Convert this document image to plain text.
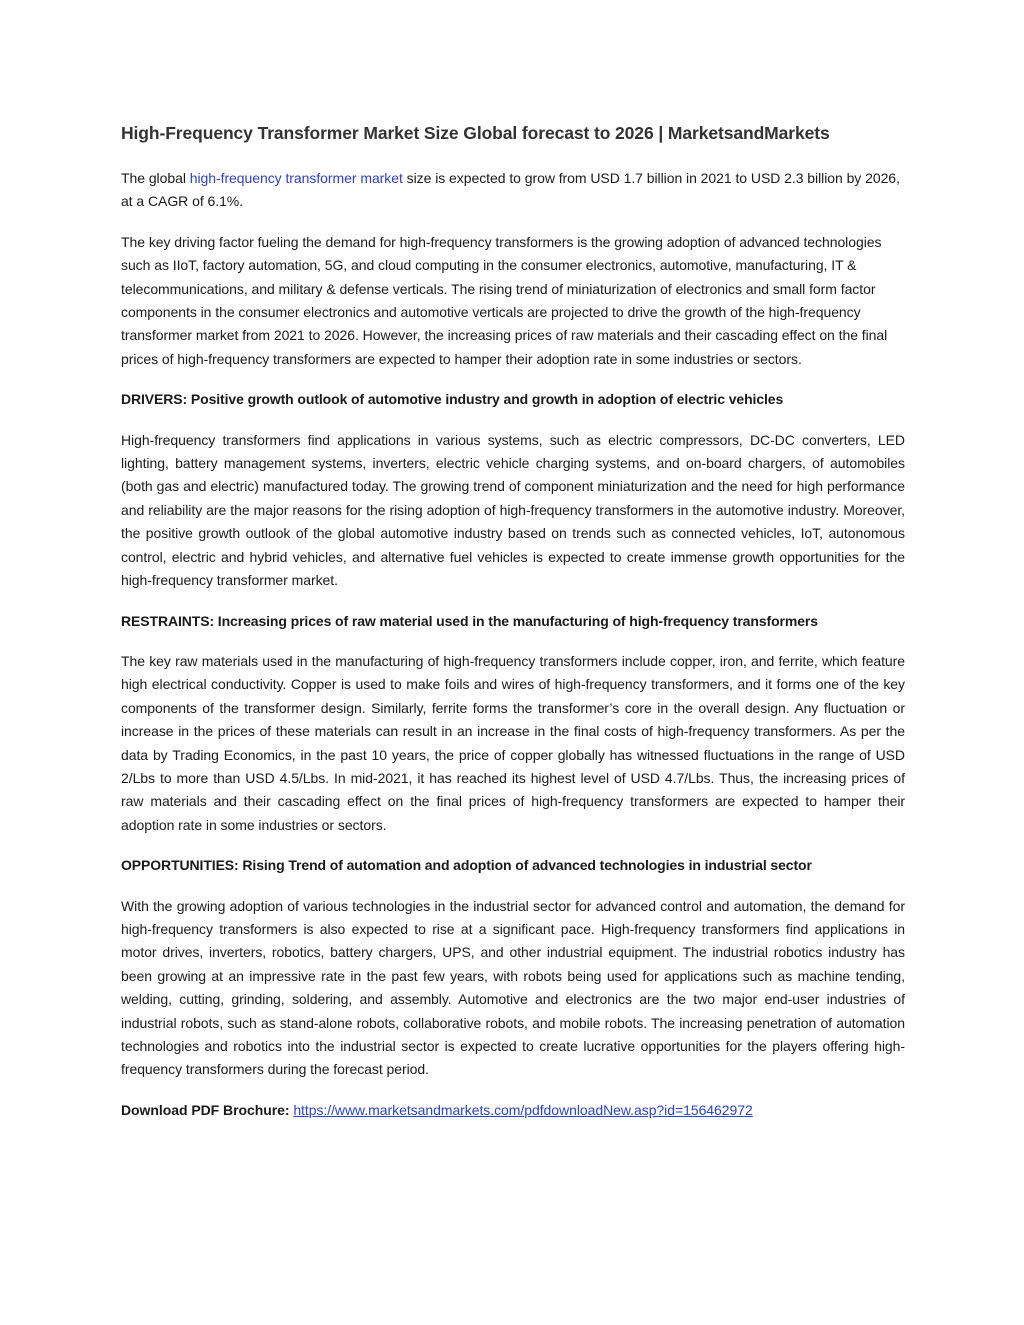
High-Frequency Transformer Market Size Global forecast to 2026 | MarketsandMarkets

The global high-frequency transformer market size is expected to grow from USD 1.7 billion in 2021 to USD 2.3 billion by 2026, at a CAGR of 6.1%.

The key driving factor fueling the demand for high-frequency transformers is the growing adoption of advanced technologies such as IIoT, factory automation, 5G, and cloud computing in the consumer electronics, automotive, manufacturing, IT & telecommunications, and military & defense verticals. The rising trend of miniaturization of electronics and small form factor components in the consumer electronics and automotive verticals are projected to drive the growth of the high-frequency transformer market from 2021 to 2026. However, the increasing prices of raw materials and their cascading effect on the final prices of high-frequency transformers are expected to hamper their adoption rate in some industries or sectors.

DRIVERS: Positive growth outlook of automotive industry and growth in adoption of electric vehicles

High-frequency transformers find applications in various systems, such as electric compressors, DC-DC converters, LED lighting, battery management systems, inverters, electric vehicle charging systems, and on-board chargers, of automobiles (both gas and electric) manufactured today. The growing trend of component miniaturization and the need for high performance and reliability are the major reasons for the rising adoption of high-frequency transformers in the automotive industry. Moreover, the positive growth outlook of the global automotive industry based on trends such as connected vehicles, IoT, autonomous control, electric and hybrid vehicles, and alternative fuel vehicles is expected to create immense growth opportunities for the high-frequency transformer market.

RESTRAINTS: Increasing prices of raw material used in the manufacturing of high-frequency transformers

The key raw materials used in the manufacturing of high-frequency transformers include copper, iron, and ferrite, which feature high electrical conductivity. Copper is used to make foils and wires of high-frequency transformers, and it forms one of the key components of the transformer design. Similarly, ferrite forms the transformer’s core in the overall design. Any fluctuation or increase in the prices of these materials can result in an increase in the final costs of high-frequency transformers. As per the data by Trading Economics, in the past 10 years, the price of copper globally has witnessed fluctuations in the range of USD 2/Lbs to more than USD 4.5/Lbs. In mid-2021, it has reached its highest level of USD 4.7/Lbs. Thus, the increasing prices of raw materials and their cascading effect on the final prices of high-frequency transformers are expected to hamper their adoption rate in some industries or sectors.

OPPORTUNITIES: Rising Trend of automation and adoption of advanced technologies in industrial sector

With the growing adoption of various technologies in the industrial sector for advanced control and automation, the demand for high-frequency transformers is also expected to rise at a significant pace. High-frequency transformers find applications in motor drives, inverters, robotics, battery chargers, UPS, and other industrial equipment. The industrial robotics industry has been growing at an impressive rate in the past few years, with robots being used for applications such as machine tending, welding, cutting, grinding, soldering, and assembly. Automotive and electronics are the two major end-user industries of industrial robots, such as stand-alone robots, collaborative robots, and mobile robots. The increasing penetration of automation technologies and robotics into the industrial sector is expected to create lucrative opportunities for the players offering high-frequency transformers during the forecast period.

Download PDF Brochure: https://www.marketsandmarkets.com/pdfdownloadNew.asp?id=156462972
